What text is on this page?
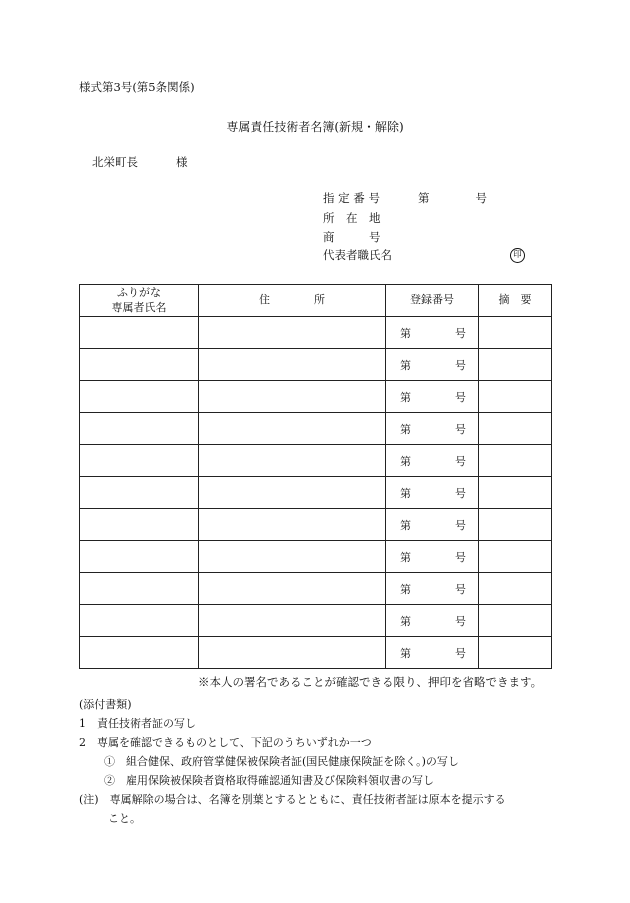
様式第3号(第5条関係)
専属責任技術者名簿(新規・解除)
北栄町長	様
指 定 番 号	第	号
所　在　地
商　　　号
代表者職氏名	印
ふりがな
専属者氏名	住　　　　所	登録番号	摘　要

		第 号	

		第 号	

		第 号	

		第 号	

		第 号	

		第 号	

		第 号	

		第 号	

		第 号	

		第 号	

		第 号	

※本人の署名であることが確認できる限り、押印を省略できます。
(添付書類)
1　責任技術者証の写し
2　専属を確認できるものとして、下記のうちいずれか一つ
①　組合健保、政府管掌健保被保険者証(国民健康保険証を除く。)の写し
②　雇用保険被保険者資格取得確認通知書及び保険料領収書の写し
(注)　専属解除の場合は、名簿を別葉とするとともに、責任技術者証は原本を提示する
こと。
